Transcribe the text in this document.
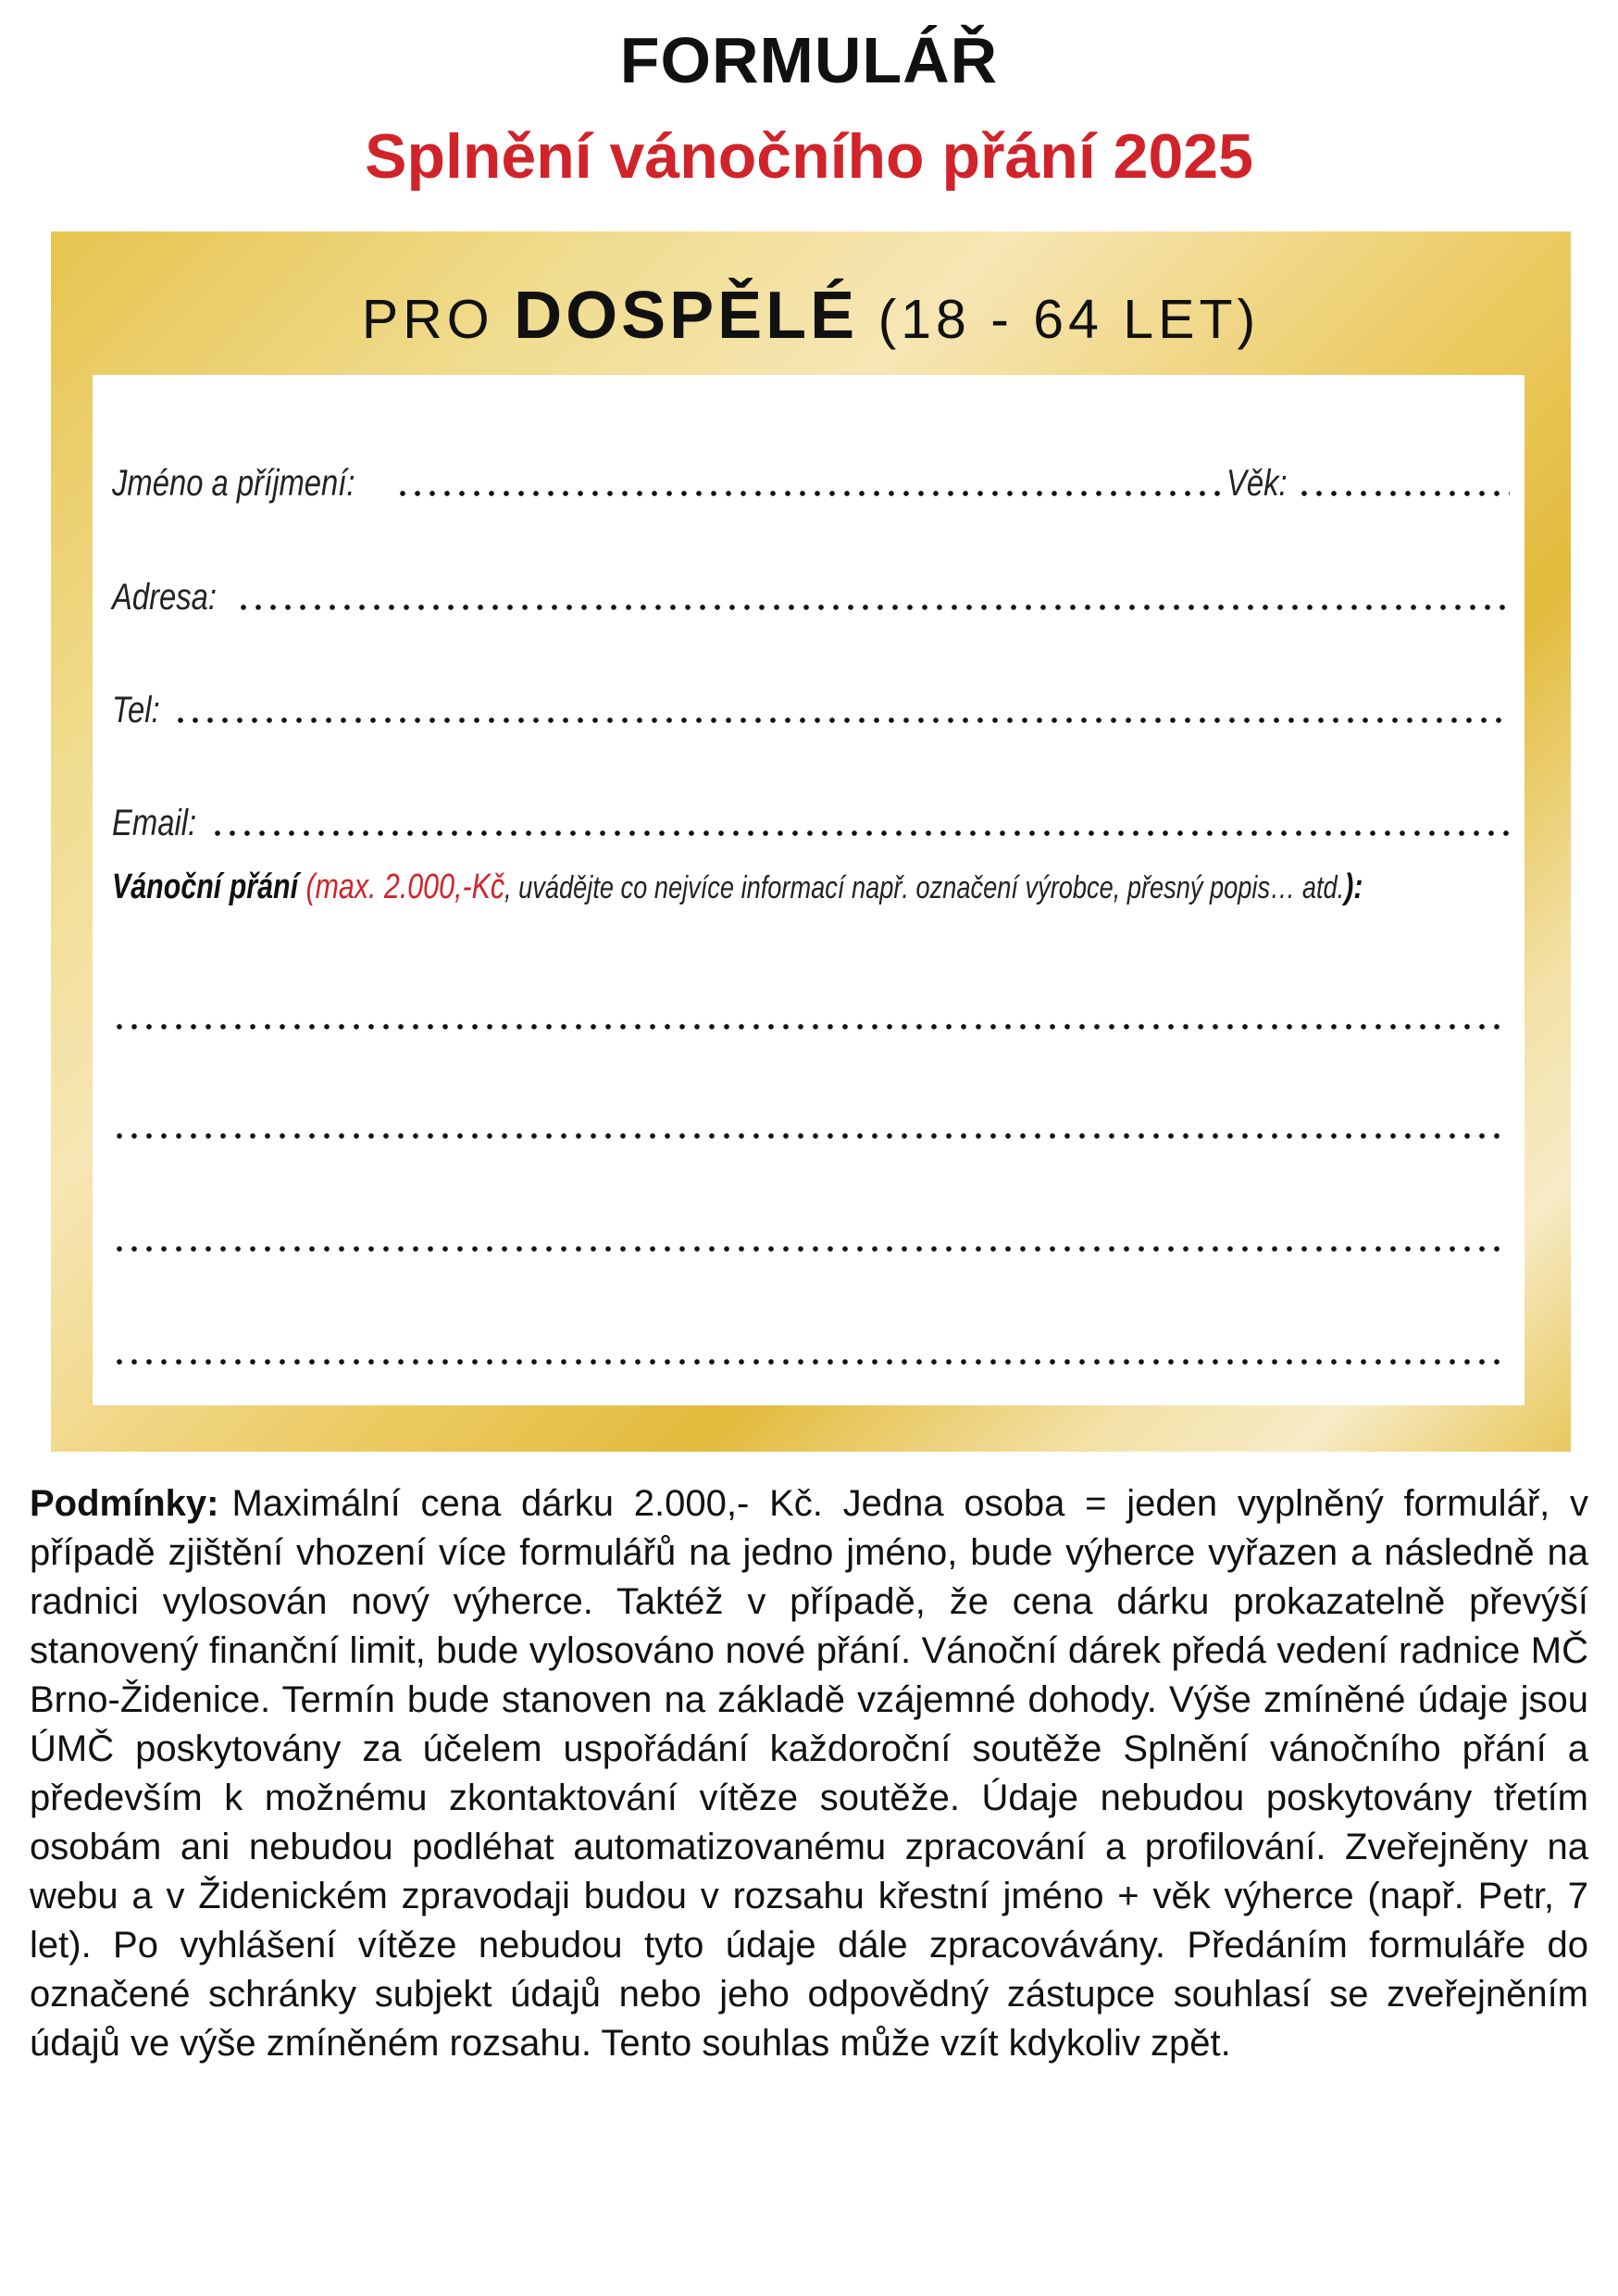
FORMULÁŘ
Splnění vánočního přání 2025
PRO DOSPĚLÉ (18 - 64 LET)
Jméno a příjmení:	Věk:
Adresa:
Tel:
Email:
Vánoční přání (max. 2.000,-Kč, uvádějte co nejvíce informací např. označení výrobce, přesný popis… atd.):
Podmínky: Maximální cena dárku 2.000,- Kč. Jedna osoba = jeden vyplněný formulář, v případě zjištění vhození více formulářů na jedno jméno, bude výherce vyřazen a následně na radnici vylosován nový výherce. Taktéž v případě, že cena dárku prokazatelně převýší stanovený finanční limit, bude vylosováno nové přání. Vánoční dárek předá vedení radnice MČ Brno-Židenice. Termín bude stanoven na základě vzájemné dohody. Výše zmíněné údaje jsou ÚMČ poskytovány za účelem uspořádání každoroční soutěže Splnění vánočního přání a především k možnému zkontaktování vítěze soutěže. Údaje nebudou poskytovány třetím osobám ani nebudou podléhat automatizovanému zpracování a profilování. Zveřejněny na webu a v Židenickém zpravodaji budou v rozsahu křestní jméno + věk výherce (např. Petr, 7 let). Po vyhlášení vítěze nebudou tyto údaje dále zpracovávány. Předáním formuláře do označené schránky subjekt údajů nebo jeho odpovědný zástupce souhlasí se zveřejněním údajů ve výše zmíněném rozsahu. Tento souhlas může vzít kdykoliv zpět.
